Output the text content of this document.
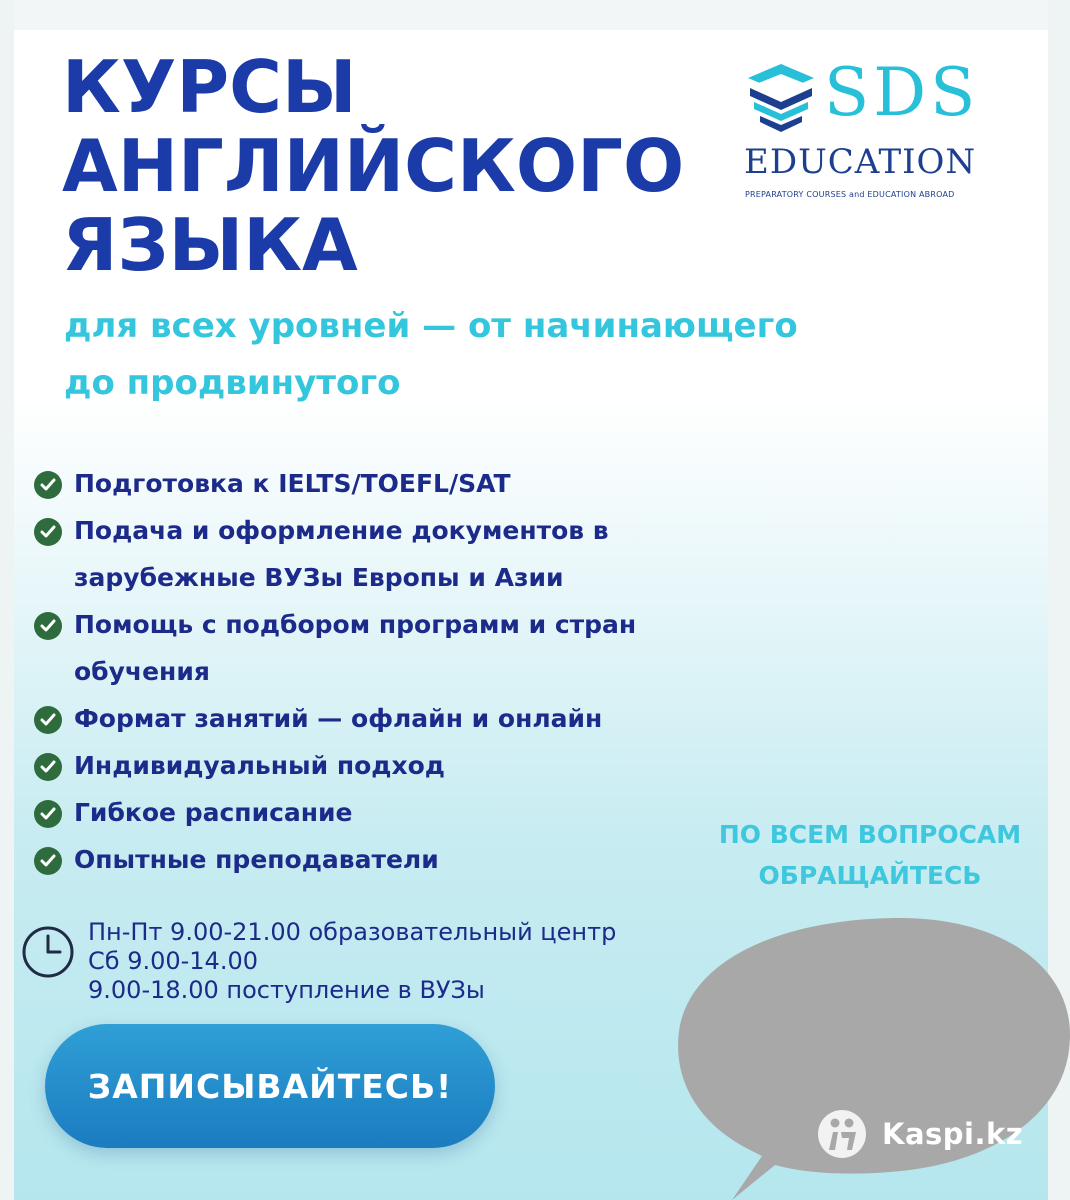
КУРСЫ
АНГЛИЙСКОГО
ЯЗЫКА
SDS
EDUCATION
PREPARATORY COURSES and EDUCATION ABROAD
для всех уровней — от начинающего
до продвинутого
Подготовка к IELTS/TOEFL/SAT
Подача и оформление документов в зарубежные ВУЗы Европы и Азии
Помощь с подбором программ и стран обучения
Формат занятий — офлайн и онлайн
Индивидуальный подход
Гибкое расписание
Опытные преподаватели
Пн-Пт 9.00-21.00 образовательный центр
Сб 9.00-14.00
9.00-18.00 поступление в ВУЗы
ЗАПИСЫВАЙТЕСЬ!
ПО ВСЕМ ВОПРОСАМ
ОБРАЩАЙТЕСЬ
Kaspi.kz
